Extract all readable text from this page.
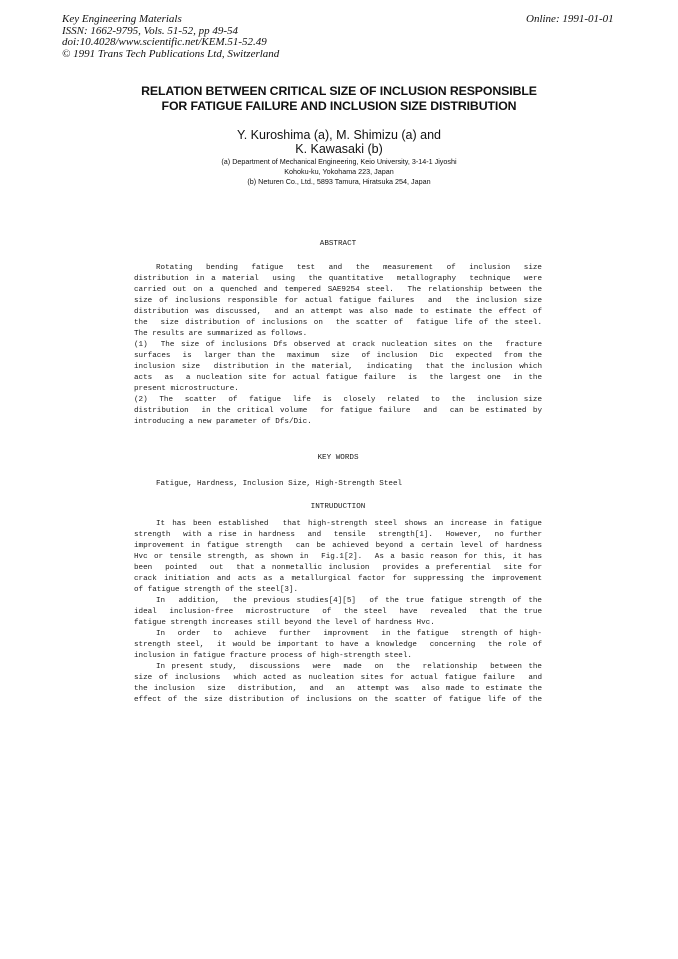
Key Engineering Materials
ISSN: 1662-9795, Vols. 51-52, pp 49-54
doi:10.4028/www.scientific.net/KEM.51-52.49
© 1991 Trans Tech Publications Ltd, Switzerland
Online: 1991-01-01
RELATION BETWEEN CRITICAL SIZE OF INCLUSION RESPONSIBLE
FOR FATIGUE FAILURE AND INCLUSION SIZE DISTRIBUTION
Y. Kuroshima (a), M. Shimizu (a) and
K. Kawasaki (b)
(a) Department of Mechanical Engineering, Keio University, 3-14-1 Jiyoshi
Kohoku-ku, Yokohama 223, Japan
(b) Neturen Co., Ltd., 5893 Tamura, Hiratsuka 254, Japan
ABSTRACT
Rotating  bending  fatigue  test  and  the  measurement  of  inclusion  size
distribution in a material  using  the quantitative  metallography  technique  were
carried out on a quenched and tempered SAE9254 steel.  The relationship between the
size of inclusions responsible for actual fatigue failures  and  the inclusion size
distribution was discussed,  and an attempt was also made to estimate the effect of
the  size distribution of inclusions on  the scatter of  fatigue life of the steel.
The results are summarized as follows.
(1)  The size of inclusions Dfs observed at crack nucleation sites on the  fracture
surfaces  is  larger than the  maximum  size  of inclusion  Dic  expected  from the
inclusion size  distribution in the material,  indicating  that the inclusion which
acts  as  a nucleation site for actual fatigue failure  is  the largest one  in the
present microstructure.
(2)  The  scatter  of  fatigue  life  is  closely  related  to  the  inclusion size
distribution  in the critical volume  for fatigue failure  and  can be estimated by
introducing a new parameter of Dfs/Dic.
KEY WORDS
Fatigue, Hardness, Inclusion Size, High-Strength Steel
INTRUDUCTION
It has been established  that high-strength steel shows an increase in fatigue
strength  with a rise in hardness  and  tensile  strength[1].  However,  no further
improvement in fatigue strength  can be achieved beyond a certain level of hardness
Hvc or tensile strength, as shown in  Fig.1[2].  As a basic reason for this, it has
been  pointed  out  that a nonmetallic inclusion  provides a preferential  site for
crack initiation and acts as a metallurgical factor for suppressing the improvement
of fatigue strength of the steel[3].
In  addition,  the previous studies[4][5]  of the true fatigue strength of the
ideal  inclusion-free  microstructure  of  the steel  have  revealed  that the true
fatigue strength increases still beyond the level of hardness Hvc.
In  order  to  achieve  further  improvment  in the fatigue  strength of high-
strength steel,  it would be important to have a knowledge  concerning  the role of
inclusion in fatigue fracture process of high-strength steel.
In present study,  discussions  were  made  on  the  relationship  between the
size of inclusions  which acted as nucleation sites for actual fatigue failure  and
the inclusion  size  distribution,  and  an  attempt was  also made to estimate the
effect of the size distribution of inclusions on the scatter of fatigue life of the
